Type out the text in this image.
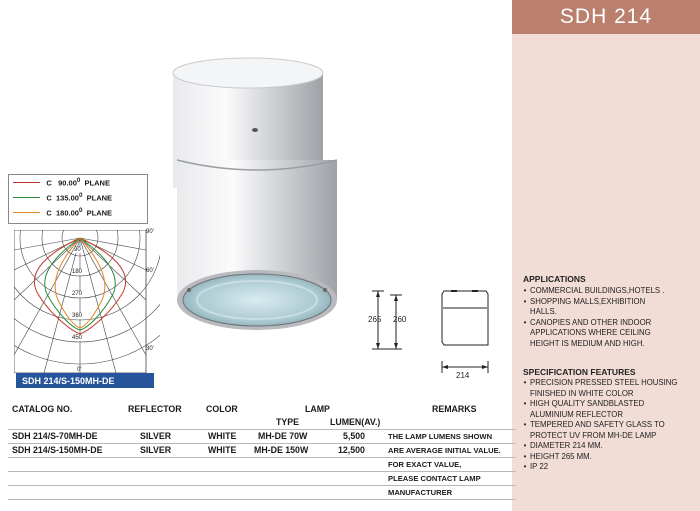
SDH 214
APPLICATIONS
• COMMERCIAL BUILDINGS,HOTELS .
• SHOPPING MALLS,EXHIBITION
HALLS.
• CANOPIES AND OTHER INDOOR
APPLICATIONS WHERE CEILING
HEIGHT IS MEDIUM AND HIGH.
SPECIFICATION FEATURES
• PRECISION PRESSED STEEL HOUSING
FINISHED IN WHITE COLOR
• HIGH QUALITY SANDBLASTED
ALUMINIUM REFLECTOR
• TEMPERED AND SAFETY GLASS TO
PROTECT UV FROM MH-DE LAMP
• DIAMETER 214 MM.
• HEIGHT 265 MM.
• IP 22
265 260
214
C 90.00$^0$ PLANE
C 135.00$^0$ PLANE
C 180.00$^0$ PLANE
90'
60'
30'
0'
90
180
270
360
450
SDH 214/S-150MH-DE
CATALOG NO.	REFLECTOR	COLOR	LAMP	REMARKS
TYPE	LUMEN(AV.)
SDH 214/S-70MH-DE	SILVER	WHITE MH-DE 70W	5,500	THE LAMP LUMENS SHOWN
SDH 214/S-150MH-DE	SILVER	WHITE MH-DE 150W	12,500	ARE AVERAGE INITIAL VALUE.
FOR EXACT VALUE,
PLEASE CONTACT LAMP
MANUFACTURER
